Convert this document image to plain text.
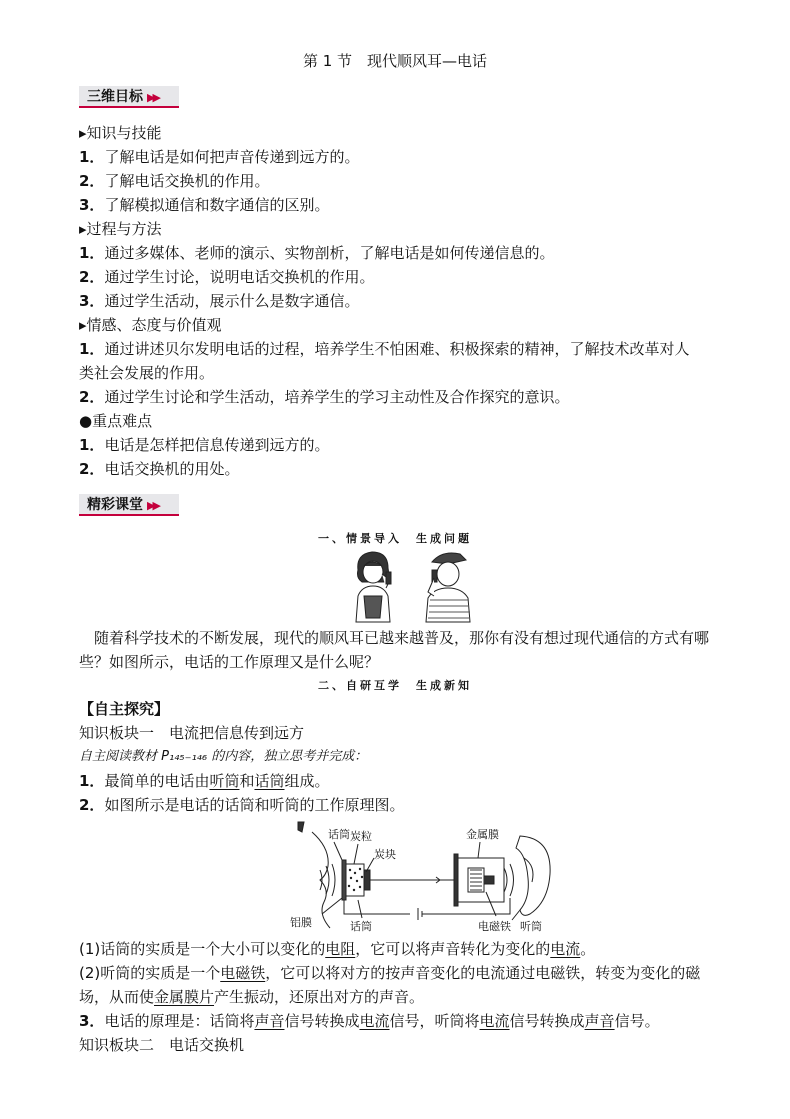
第 1 节　现代顺风耳—电话
三维目标 ▶▶
▸知识与技能
1．了解电话是如何把声音传递到远方的。
2．了解电话交换机的作用。
3．了解模拟通信和数字通信的区别。
▸过程与方法
1．通过多媒体、老师的演示、实物剖析，了解电话是如何传递信息的。
2．通过学生讨论，说明电话交换机的作用。
3．通过学生活动，展示什么是数字通信。
▸情感、态度与价值观
1．通过讲述贝尔发明电话的过程，培养学生不怕困难、积极探索的精神，了解技术改革对人
类社会发展的作用。
2．通过学生讨论和学生活动，培养学生的学习主动性及合作探究的意识。
●重点难点
1．电话是怎样把信息传递到远方的。
2．电话交换机的用处。
精彩课堂 ▶▶
一、情景导入　生成问题
　随着科学技术的不断发展，现代的顺风耳已越来越普及，那你有没有想过现代通信的方式有哪
些？如图所示，电话的工作原理又是什么呢？
二、自研互学　生成新知
【自主探究】
知识板块一　电流把信息传到远方
自主阅读教材 P₁₄₅₋₁₄₆ 的内容，独立思考并完成：
1．最简单的电话由听筒和话筒组成。
2．如图所示是电话的话筒和听筒的工作原理图。
话筒 炭粒
炭块
金属膜
铝膜	话筒	电磁铁 听筒
(1)话筒的实质是一个大小可以变化的电阻，它可以将声音转化为变化的电流。
(2)听筒的实质是一个电磁铁，它可以将对方的按声音变化的电流通过电磁铁，转变为变化的磁
场，从而使金属膜片产生振动，还原出对方的声音。
3．电话的原理是：话筒将声音信号转换成电流信号，听筒将电流信号转换成声音信号。
知识板块二　电话交换机
